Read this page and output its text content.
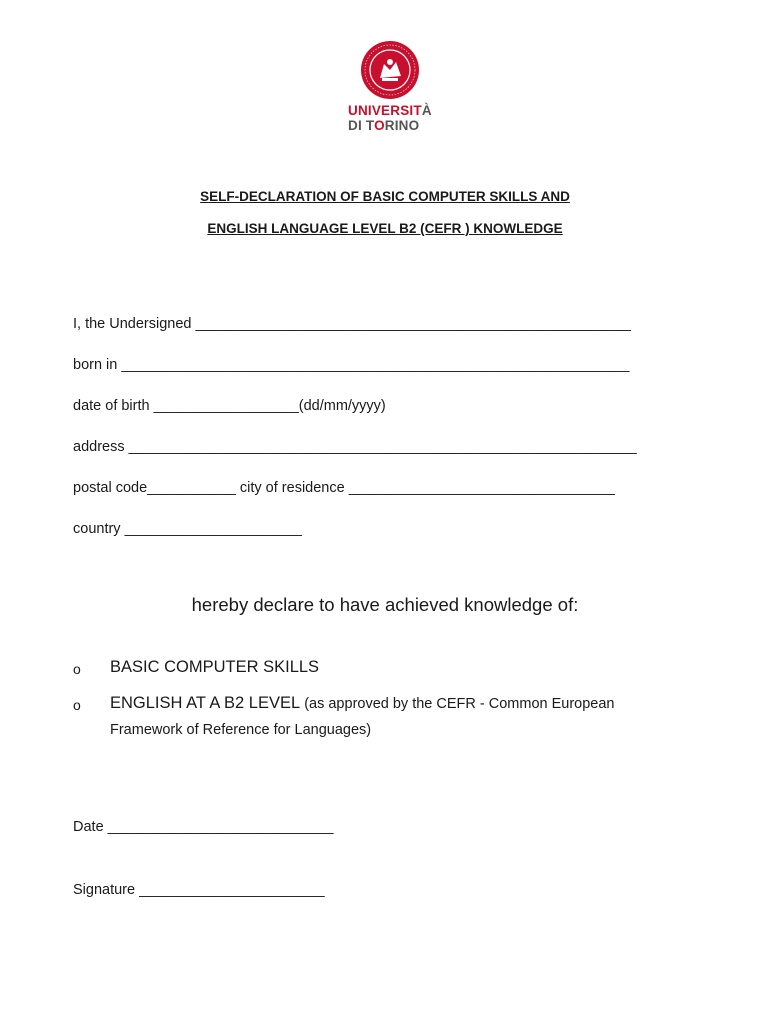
UNIVERSITÀ
DI TORINO
SELF-DECLARATION OF BASIC COMPUTER SKILLS AND
ENGLISH LANGUAGE LEVEL B2 (CEFR ) KNOWLEDGE
I, the Undersigned ______________________________________________________
born in _______________________________________________________________
date of birth __________________(dd/mm/yyyy)
address _______________________________________________________________
postal code___________ city of residence _________________________________
country ______________________
hereby declare to have achieved knowledge of:
o BASIC COMPUTER SKILLS
o ENGLISH AT A B2 LEVEL (as approved by the CEFR - Common European
Framework of Reference for Languages)
Date ____________________________
Signature _______________________
